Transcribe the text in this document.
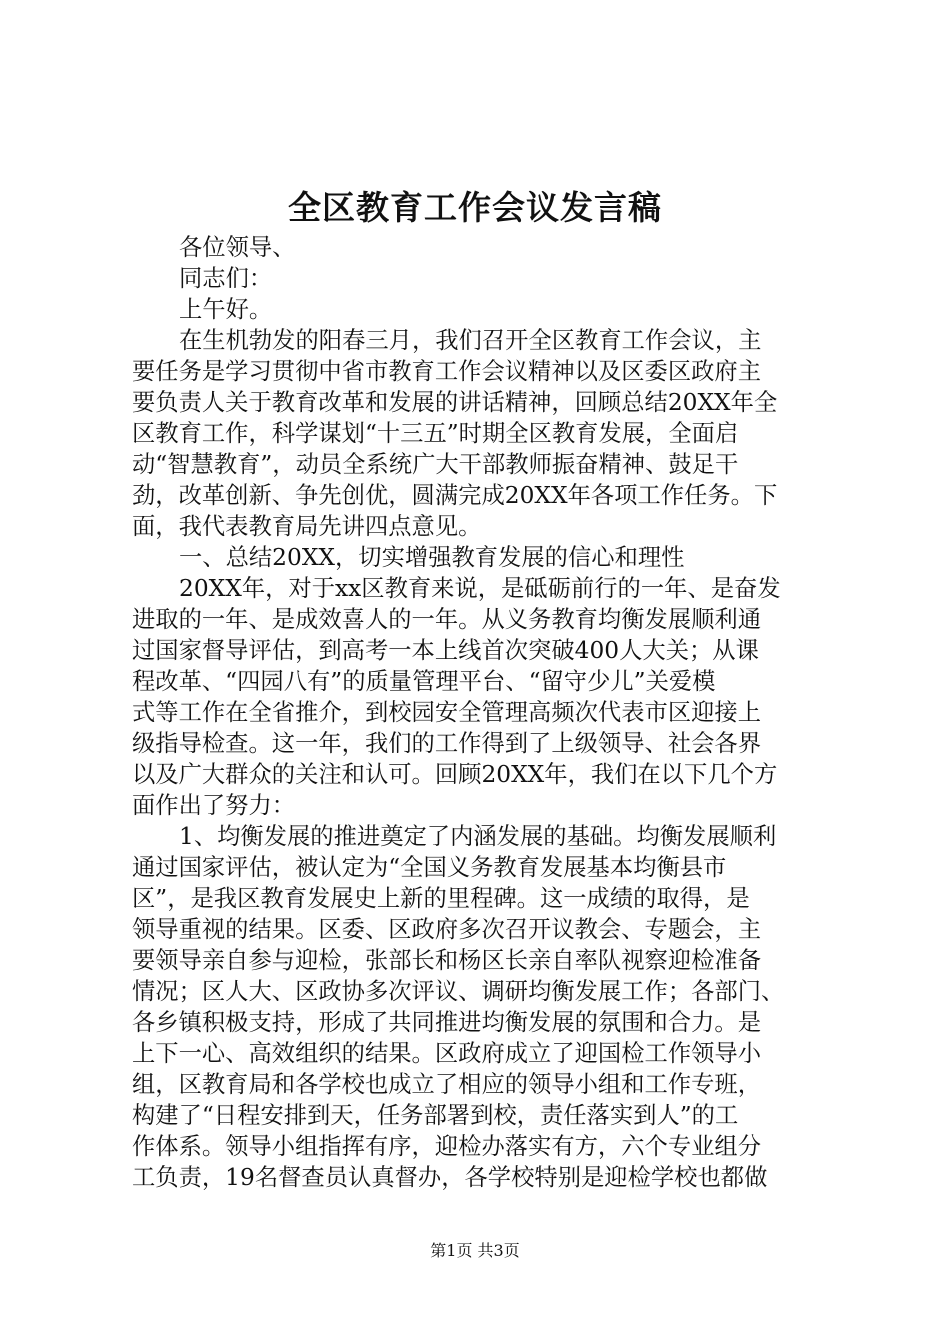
全区教育工作会议发言稿
各位领导、
同志们：
上午好。
在生机勃发的阳春三月，我们召开全区教育工作会议，主
要任务是学习贯彻中省市教育工作会议精神以及区委区政府主
要负责人关于教育改革和发展的讲话精神，回顾总结20XX年全
区教育工作，科学谋划“十三五”时期全区教育发展，全面启
动“智慧教育”，动员全系统广大干部教师振奋精神、鼓足干
劲，改革创新、争先创优，圆满完成20XX年各项工作任务。下
面，我代表教育局先讲四点意见。
一、总结20XX，切实增强教育发展的信心和理性
20XX年，对于xx区教育来说，是砥砺前行的一年、是奋发
进取的一年、是成效喜人的一年。从义务教育均衡发展顺利通
过国家督导评估，到高考一本上线首次突破400人大关；从课
程改革、“四园八有”的质量管理平台、“留守少儿”关爱模
式等工作在全省推介，到校园安全管理高频次代表市区迎接上
级指导检查。这一年，我们的工作得到了上级领导、社会各界
以及广大群众的关注和认可。回顾20XX年，我们在以下几个方
面作出了努力：
1、均衡发展的推进奠定了内涵发展的基础。均衡发展顺利
通过国家评估，被认定为“全国义务教育发展基本均衡县市
区”，是我区教育发展史上新的里程碑。这一成绩的取得，是
领导重视的结果。区委、区政府多次召开议教会、专题会，主
要领导亲自参与迎检，张部长和杨区长亲自率队视察迎检准备
情况；区人大、区政协多次评议、调研均衡发展工作；各部门、
各乡镇积极支持，形成了共同推进均衡发展的氛围和合力。是
上下一心、高效组织的结果。区政府成立了迎国检工作领导小
组，区教育局和各学校也成立了相应的领导小组和工作专班，
构建了“日程安排到天，任务部署到校，责任落实到人”的工
作体系。领导小组指挥有序，迎检办落实有方，六个专业组分
工负责，19名督查员认真督办，各学校特别是迎检学校也都做
第1页 共3页
